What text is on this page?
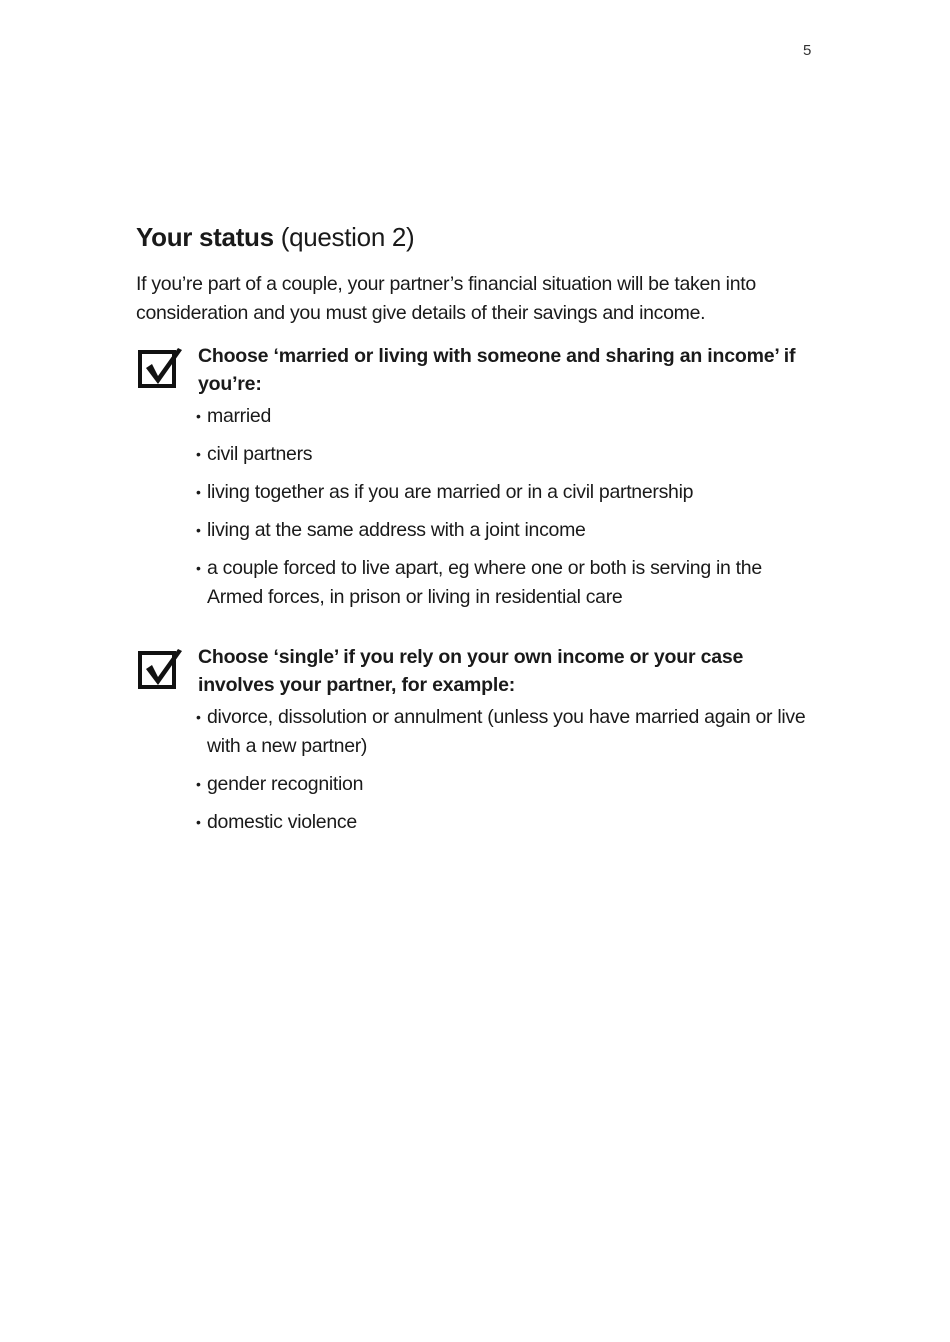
5
Your status (question 2)

If you’re part of a couple, your partner’s financial situation will be taken into consideration and you must give details of their savings and income.

Choose ‘married or living with someone and sharing an income’ if you’re:
• married
• civil partners
• living together as if you are married or in a civil partnership
• living at the same address with a joint income
• a couple forced to live apart, eg where one or both is serving in the Armed forces, in prison or living in residential care
Choose ‘single’ if you rely on your own income or your case involves your partner, for example:
• divorce, dissolution or annulment (unless you have married again or live with a new partner)
• gender recognition
• domestic violence
